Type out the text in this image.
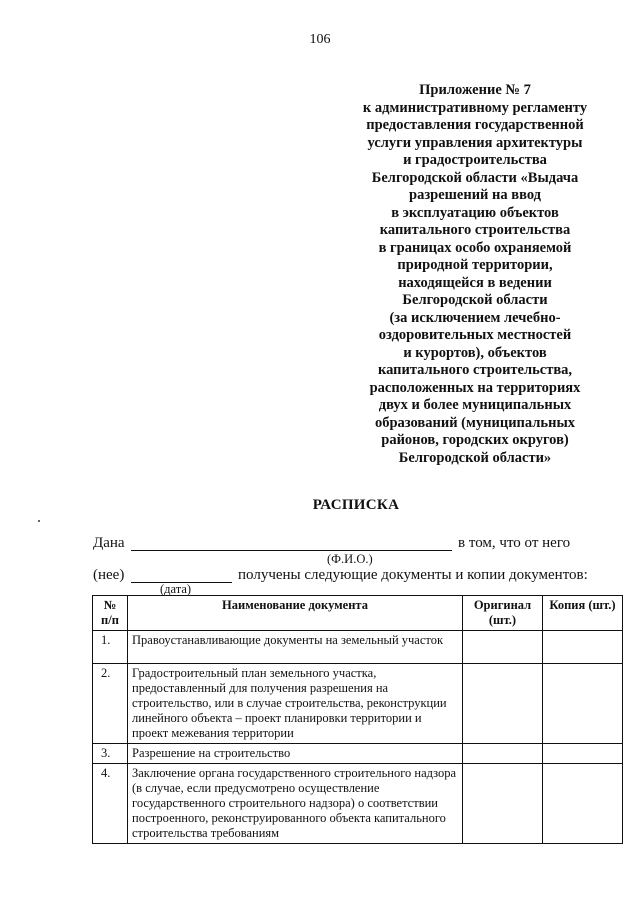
106
Приложение № 7
к административному регламенту
предоставления государственной
услуги управления архитектуры
и градостроительства
Белгородской области «Выдача
разрешений на ввод
в эксплуатацию объектов
капитального строительства
в границах особо охраняемой
природной территории,
находящейся в ведении
Белгородской области
(за исключением лечебно-
оздоровительных местностей
и курортов), объектов
капитального строительства,
расположенных на территориях
двух и более муниципальных
образований (муниципальных
районов, городских округов)
Белгородской области»
РАСПИСКА
Дана	в том, что от него
(Ф.И.О.)
(нее)	получены следующие документы и копии документов:
(дата)
№ п/п	Наименование документа	Оригинал (шт.)	Копия (шт.)
1.	Правоустанавливающие документы на земельный участок		
2.	Градостроительный план земельного участка, предоставленный для получения разрешения на строительство, или в случае строительства, реконструкции линейного объекта – проект планировки территории и проект межевания территории		
3.	Разрешение на строительство		
4.	Заключение органа государственного строительного надзора (в случае, если предусмотрено осуществление государственного строительного надзора) о соответствии построенного, реконструированного объекта капитального строительства требованиям		
